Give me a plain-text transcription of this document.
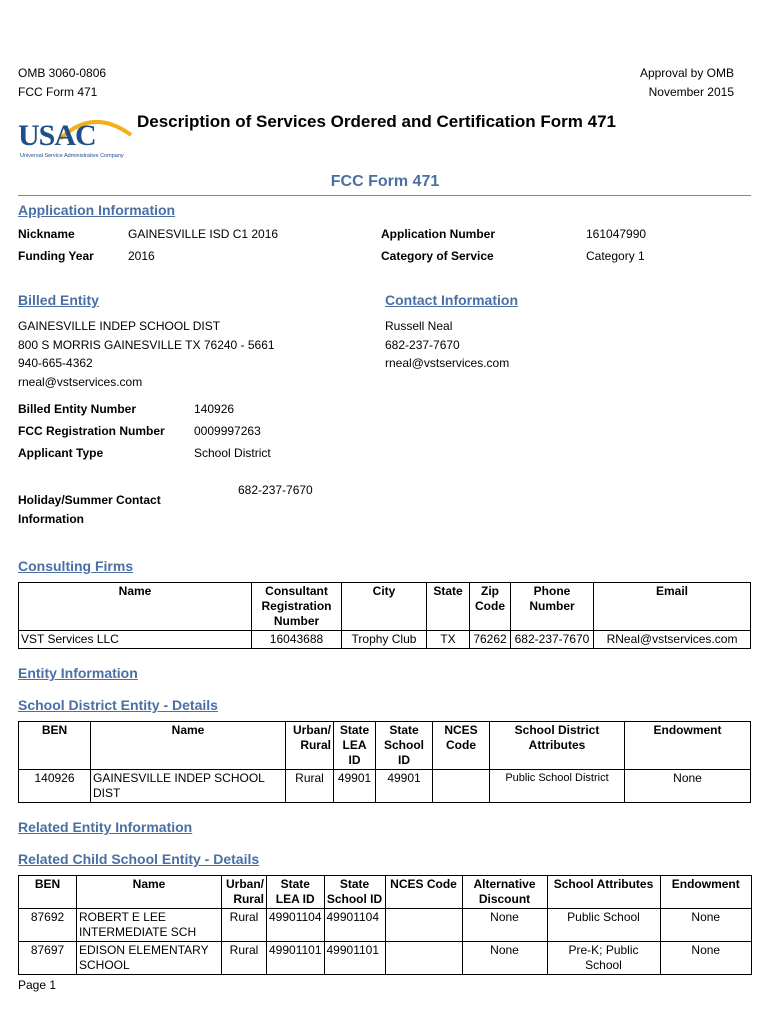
OMB 3060-0806
FCC Form 471
Approval by OMB
November 2015
USAC
Universal Service Administrative Company
Description of Services Ordered and Certification Form 471
FCC Form 471
Application Information
Nickname	GAINESVILLE ISD C1 2016
Funding Year	2016
Application Number	161047990
Category of Service	Category 1
Billed Entity
GAINESVILLE INDEP SCHOOL DIST
800 S MORRIS GAINESVILLE TX 76240 - 5661
940-665-4362
rneal@vstservices.com
Contact Information
Russell Neal
682-237-7670
rneal@vstservices.com
Billed Entity Number	140926
FCC Registration Number 0009997263
Applicant Type	School District
Holiday/Summer Contact
Information
682-237-7670
Consulting Firms
Name	Consultant Registration Number	City	State	Zip Code	Phone Number	Email
VST Services LLC	16043688	Trophy Club	TX	76262	682-237-7670	RNeal@vstservices.com
Entity Information
School District Entity - Details
BEN	Name	Urban/ Rural	State LEA ID	State School ID	NCES Code	School District Attributes	Endowment
140926	GAINESVILLE INDEP SCHOOL DIST	Rural	49901	49901		Public School District	None
Related Entity Information
Related Child School Entity - Details
BEN	Name	Urban/ Rural	State LEA ID	State School ID	NCES Code	Alternative Discount	School Attributes	Endowment
87692	ROBERT E LEE INTERMEDIATE SCH	Rural	49901104	49901104		None	Public School	None
87697	EDISON ELEMENTARY SCHOOL	Rural	49901101	49901101		None	Pre-K; Public School	None
Page 1
